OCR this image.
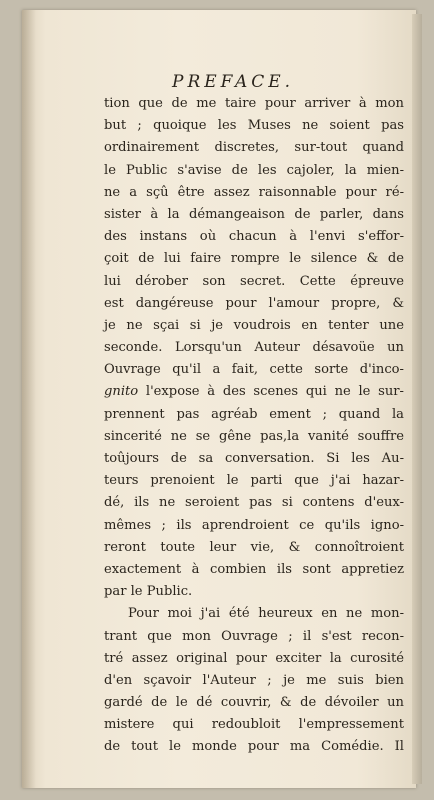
PREFACE.
tion que de me taire pour arriver à mon
but ; quoique les Muses ne soient pas
ordinairement discretes, sur-tout quand
le Public s'avise de les cajoler, la mien-
ne a sçû être assez raisonnable pour ré-
sister à la démangeaison de parler, dans
des instans où chacun à l'envi s'effor-
çoit de lui faire rompre le silence & de
lui dérober son secret. Cette épreuve
est dangéreuse pour l'amour propre, &
je ne sçai si je voudrois en tenter une
seconde. Lorsqu'un Auteur désavoüe un
Ouvrage qu'il a fait, cette sorte d'inco-
gnito l'expose à des scenes qui ne le sur-
prennent pas agréab ement ; quand la
sincerité ne se gêne pas,la vanité souffre
toûjours de sa conversation. Si les Au-
teurs prenoient le parti que j'ai hazar-
dé, ils ne seroient pas si contens d'eux-
mêmes ; ils aprendroient ce qu'ils igno-
reront toute leur vie, & connoîtroient
exactement à combien ils sont appretiez
par le Public.
Pour moi j'ai été heureux en ne mon-
trant que mon Ouvrage ; il s'est recon-
tré assez original pour exciter la curosité
d'en sçavoir l'Auteur ; je me suis bien
gardé de le dé couvrir, & de dévoiler un
mistere qui redoubloit l'empressement
de tout le monde pour ma Comédie. Il
